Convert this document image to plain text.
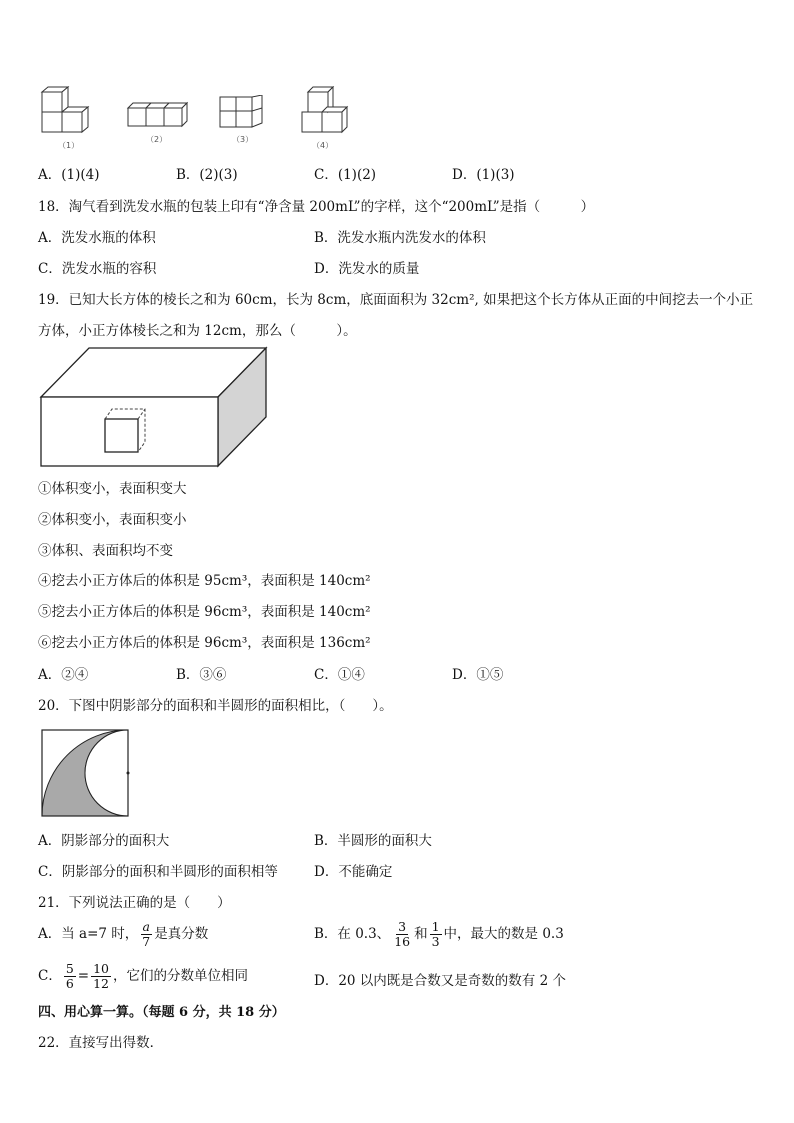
（1）
（2）	（3）
（4）
A．(1)(4)	B．(2)(3)	C．(1)(2)	D．(1)(3)
18．淘气看到洗发水瓶的包装上印有“净含量 200mL”的字样，这个“200mL”是指（　　　）
A．洗发水瓶的体积	B．洗发水瓶内洗发水的体积
C．洗发水瓶的容积	D．洗发水的质量
19．已知大长方体的棱长之和为 60cm，长为 8cm，底面面积为 32cm², 如果把这个长方体从正面的中间挖去一个小正
方体，小正方体棱长之和为 12cm，那么（　　　）。
①体积变小，表面积变大
②体积变小，表面积变小
③体积、表面积均不变
④挖去小正方体后的体积是 95cm³，表面积是 140cm²
⑤挖去小正方体后的体积是 96cm³，表面积是 140cm²
⑥挖去小正方体后的体积是 96cm³，表面积是 136cm²
A．②④	B．③⑥	C．①④	D．①⑤
20．下图中阴影部分的面积和半圆形的面积相比，（　　）。
A．阴影部分的面积大	B．半圆形的面积大
C．阴影部分的面积和半圆形的面积相等	D．不能确定
21．下列说法正确的是（　　）
A．当 a=7 时， $\frac{a}{7}$ 是真分数	B．在 0.3、 $\frac{3}{16}$ 和 $\frac{1}{3}$ 中，最大的数是 0.3
C． $\frac{5}{6} = \frac{10}{12}$ ，它们的分数单位相同	D．20 以内既是合数又是奇数的数有 2 个
四、用心算一算。（每题 6 分，共 18 分）
22．直接写出得数．
